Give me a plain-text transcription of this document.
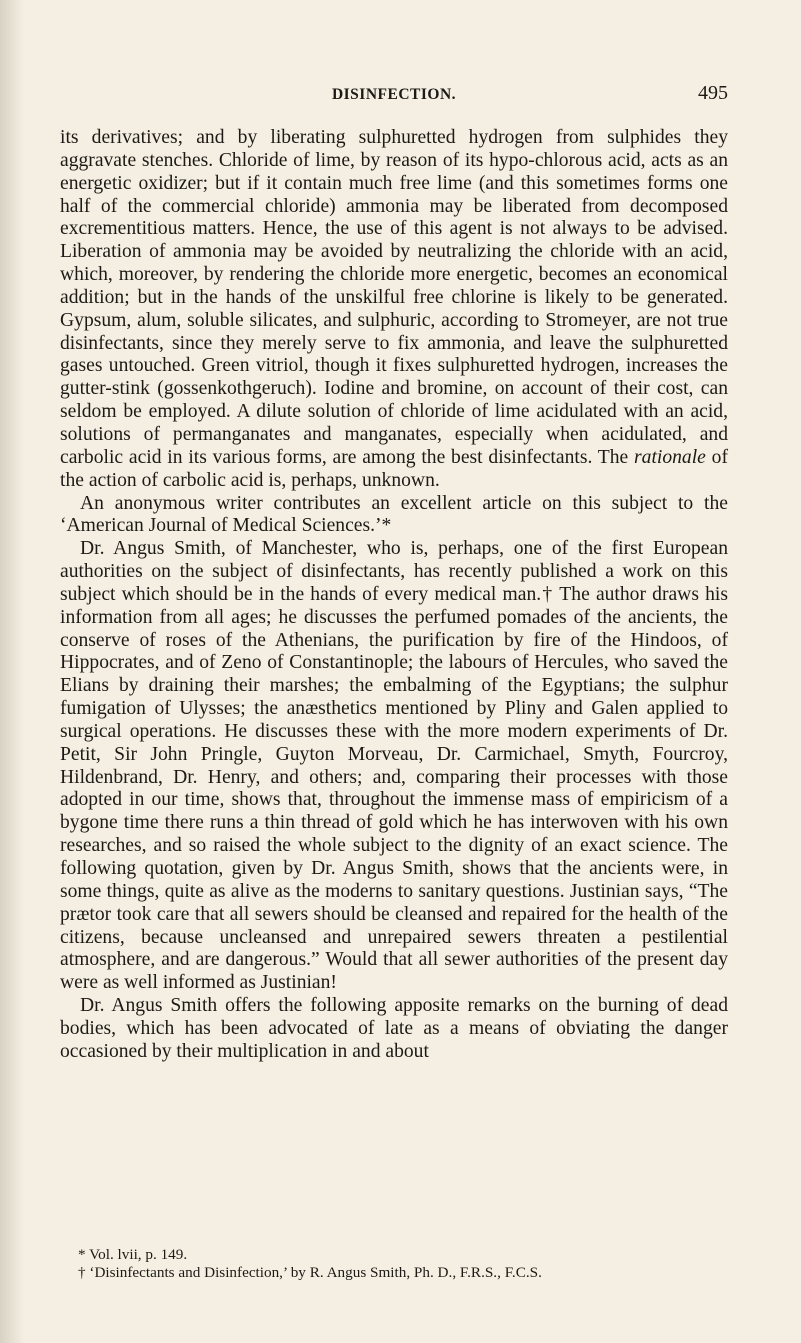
DISINFECTION.	495

its derivatives; and by liberating sulphuretted hydrogen from sulphides they aggravate stenches. Chloride of lime, by reason of its hypo-chlorous acid, acts as an energetic oxidizer; but if it contain much free lime (and this sometimes forms one half of the commercial chloride) ammonia may be liberated from decomposed excrementitious matters. Hence, the use of this agent is not always to be advised. Liberation of ammonia may be avoided by neutralizing the chloride with an acid, which, moreover, by rendering the chloride more energetic, becomes an economical addition; but in the hands of the unskilful free chlorine is likely to be generated. Gypsum, alum, soluble silicates, and sulphuric, according to Stromeyer, are not true disinfectants, since they merely serve to fix ammonia, and leave the sulphuretted gases untouched. Green vitriol, though it fixes sulphuretted hydrogen, increases the gutter-stink (gossenkothgeruch). Iodine and bromine, on account of their cost, can seldom be employed. A dilute solution of chloride of lime acidulated with an acid, solutions of permanganates and manganates, especially when acidulated, and carbolic acid in its various forms, are among the best disinfectants. The rationale of the action of carbolic acid is, perhaps, unknown.

An anonymous writer contributes an excellent article on this subject to the ‘American Journal of Medical Sciences.’*

Dr. Angus Smith, of Manchester, who is, perhaps, one of the first European authorities on the subject of disinfectants, has recently published a work on this subject which should be in the hands of every medical man.† The author draws his information from all ages; he discusses the perfumed pomades of the ancients, the conserve of roses of the Athenians, the purification by fire of the Hindoos, of Hippocrates, and of Zeno of Constantinople; the labours of Hercules, who saved the Elians by draining their marshes; the embalming of the Egyptians; the sulphur fumigation of Ulysses; the anæsthetics mentioned by Pliny and Galen applied to surgical operations. He discusses these with the more modern experiments of Dr. Petit, Sir John Pringle, Guyton Morveau, Dr. Carmichael, Smyth, Fourcroy, Hildenbrand, Dr. Henry, and others; and, comparing their processes with those adopted in our time, shows that, throughout the immense mass of empiricism of a bygone time there runs a thin thread of gold which he has interwoven with his own researches, and so raised the whole subject to the dignity of an exact science. The following quotation, given by Dr. Angus Smith, shows that the ancients were, in some things, quite as alive as the moderns to sanitary questions. Justinian says, “The prætor took care that all sewers should be cleansed and repaired for the health of the citizens, because uncleansed and unrepaired sewers threaten a pestilential atmosphere, and are dangerous.” Would that all sewer authorities of the present day were as well informed as Justinian!

Dr. Angus Smith offers the following apposite remarks on the burning of dead bodies, which has been advocated of late as a means of obviating the danger occasioned by their multiplication in and about

* Vol. lvii, p. 149.
† ‘Disinfectants and Disinfection,’ by R. Angus Smith, Ph. D., F.R.S., F.C.S.
